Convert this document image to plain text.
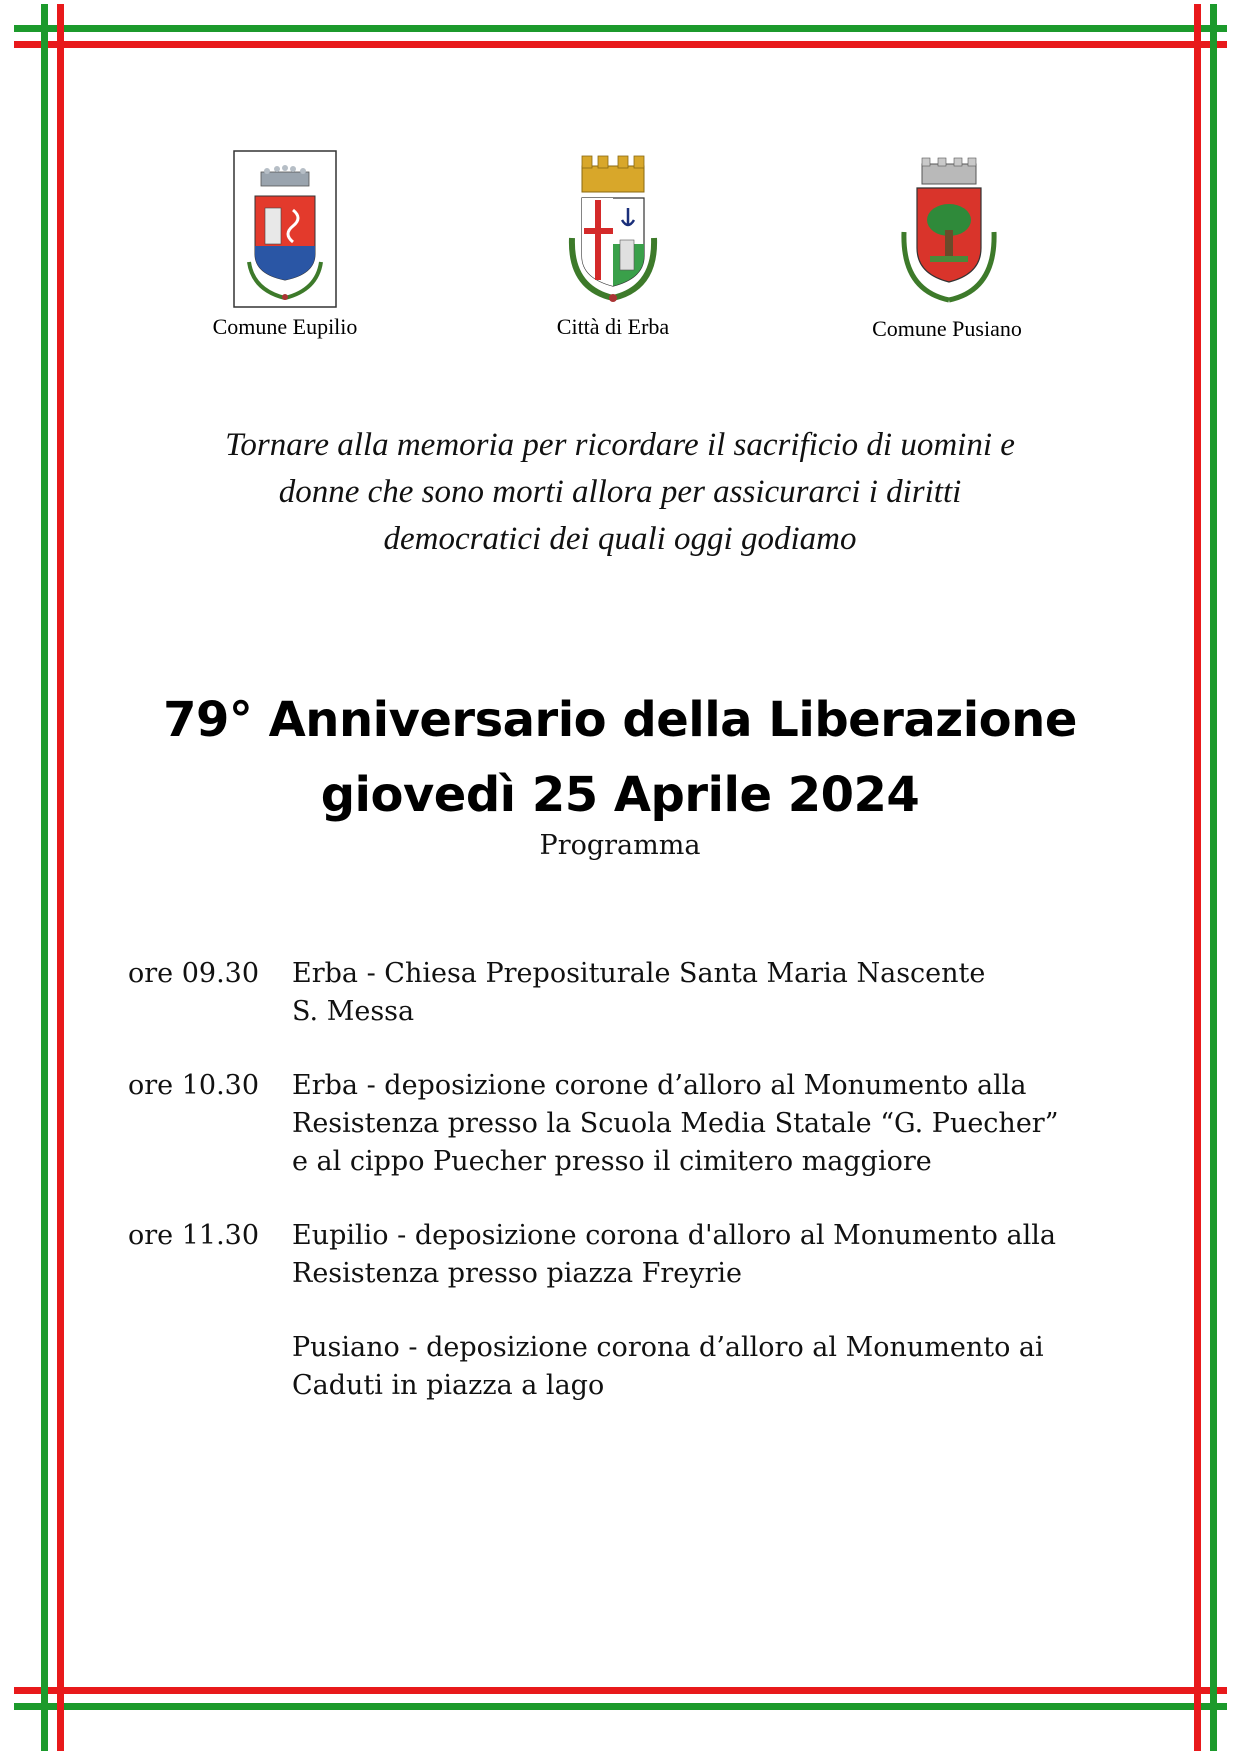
Comune Eupilio	Città di Erba	Comune Pusiano
Tornare alla memoria per ricordare il sacrificio di uomini e
donne che sono morti allora per assicurarci i diritti
democratici dei quali oggi godiamo
79° Anniversario della Liberazione
giovedì 25 Aprile 2024
Programma
ore 09.30	Erba - Chiesa Prepositurale Santa Maria Nascente
S. Messa
ore 10.30	Erba - deposizione corone d’alloro al Monumento alla
Resistenza presso la Scuola Media Statale “G. Puecher”
e al cippo Puecher presso il cimitero maggiore
ore 11.30	Eupilio - deposizione corona d'alloro al Monumento alla
Resistenza presso piazza Freyrie
Pusiano - deposizione corona d’alloro al Monumento ai
Caduti in piazza a lago
